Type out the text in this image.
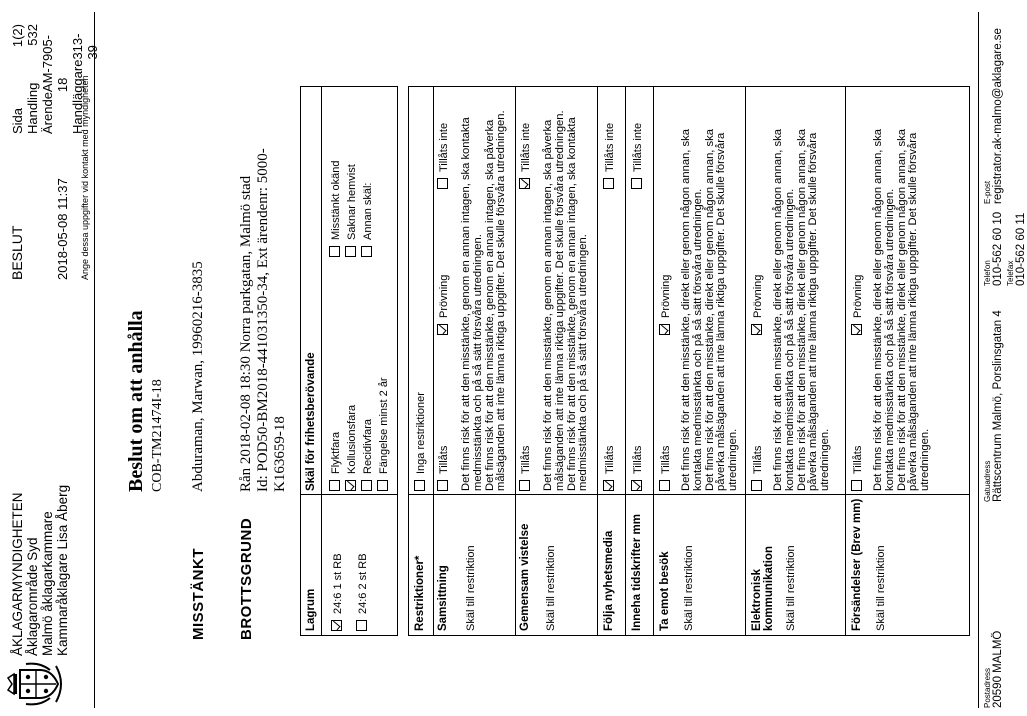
ÅKLAGARMYNDIGHETEN Åklagarområde Syd Malmö åklagarkammare Kammaråklagare Lisa Åberg
BESLUT 2018-05-08 11:37
Sida
1(2)
Handling
532
Ärende
AM-7905-18 Handläggare
313-39
Ange dessa uppgifter vid kontakt med myndigheten
Beslut om att anhålla COB-TM21474I-18
MISSTÄNKT
Abduraman, Marwan, 19960216-3835
BROTTSGRUND
Rån 2018-02-08 18:30 Norra parkgatan, Malmö stad Id: POD50-BM2018-441031350-34, Ext ärendenr: 5000- K163659-18
Lagrum
Skäl för frihetsberövande
24:6 1 st RB 24:6 2 st RB
Flyktfara
Misstänkt okänd
Kollusionsfara
Saknar hemvist
Recidivfara
Annan skäl:
Fängelse minst 2 år
Restriktioner*
Inga restriktioner
Samsittning Skäl till restriktion
Tillåts
Prövning
Tillåts inte Det finns risk för att den misstänkte, genom en annan intagen, ska kontakta medmisstänkta och på så sätt försvåra utredningen. Det finns risk för att den misstänkte, genom en annan intagen, ska påverka målsäganden att inte lämna riktiga uppgifter. Det skulle försvåra utredningen.
Gemensam vistelse Skäl till restriktion
Tillåts
Tillåts inte Det finns risk för att den misstänkte, genom en annan intagen, ska påverka målsäganden att inte lämna riktiga uppgifter. Det skulle försvåra utredningen. Det finns risk för att den misstänkte, genom en annan intagen, ska kontakta medmisstänkta och på så sätt försvåra utredningen.
Följa nyhetsmedia
Tillåts
Tillåts inte
Inneha tidskrifter mm
Tillåts
Tillåts inte
Ta emot besök Skäl till restriktion
Tillåts
Prövning Det finns risk för att den misstänkte, direkt eller genom någon annan, ska kontakta medmisstänkta och på så sätt försvåra utredningen. Det finns risk för att den misstänkte, direkt eller genom någon annan, ska påverka målsäganden att inte lämna riktiga uppgifter. Det skulle försvåra utredningen.
Elektronisk kommunikation Skäl till restriktion
Tillåts
Prövning Det finns risk för att den misstänkte, direkt eller genom någon annan, ska kontakta medmisstänkta och på så sätt försvåra utredningen. Det finns risk för att den misstänkte, direkt eller genom någon annan, ska påverka målsäganden att inte lämna riktiga uppgifter. Det skulle försvåra utredningen.
Försändelser (Brev mm) Skäl till restriktion
Tillåts
Prövning Det finns risk för att den misstänkte, direkt eller genom någon annan, ska kontakta medmisstänkta och på så sätt försvåra utredningen. Det finns risk för att den misstänkte, direkt eller genom någon annan, ska påverka målsäganden att inte lämna riktiga uppgifter. Det skulle försvåra utredningen.
Postadress 20590 MALMÖ
Gatuadress Rättscentrum Malmö, Porslinsgatan 4
Telefon 010-562 60 10 Telefax 010-562 60 11
E-post registrator.ak-malmo@aklagare.se
